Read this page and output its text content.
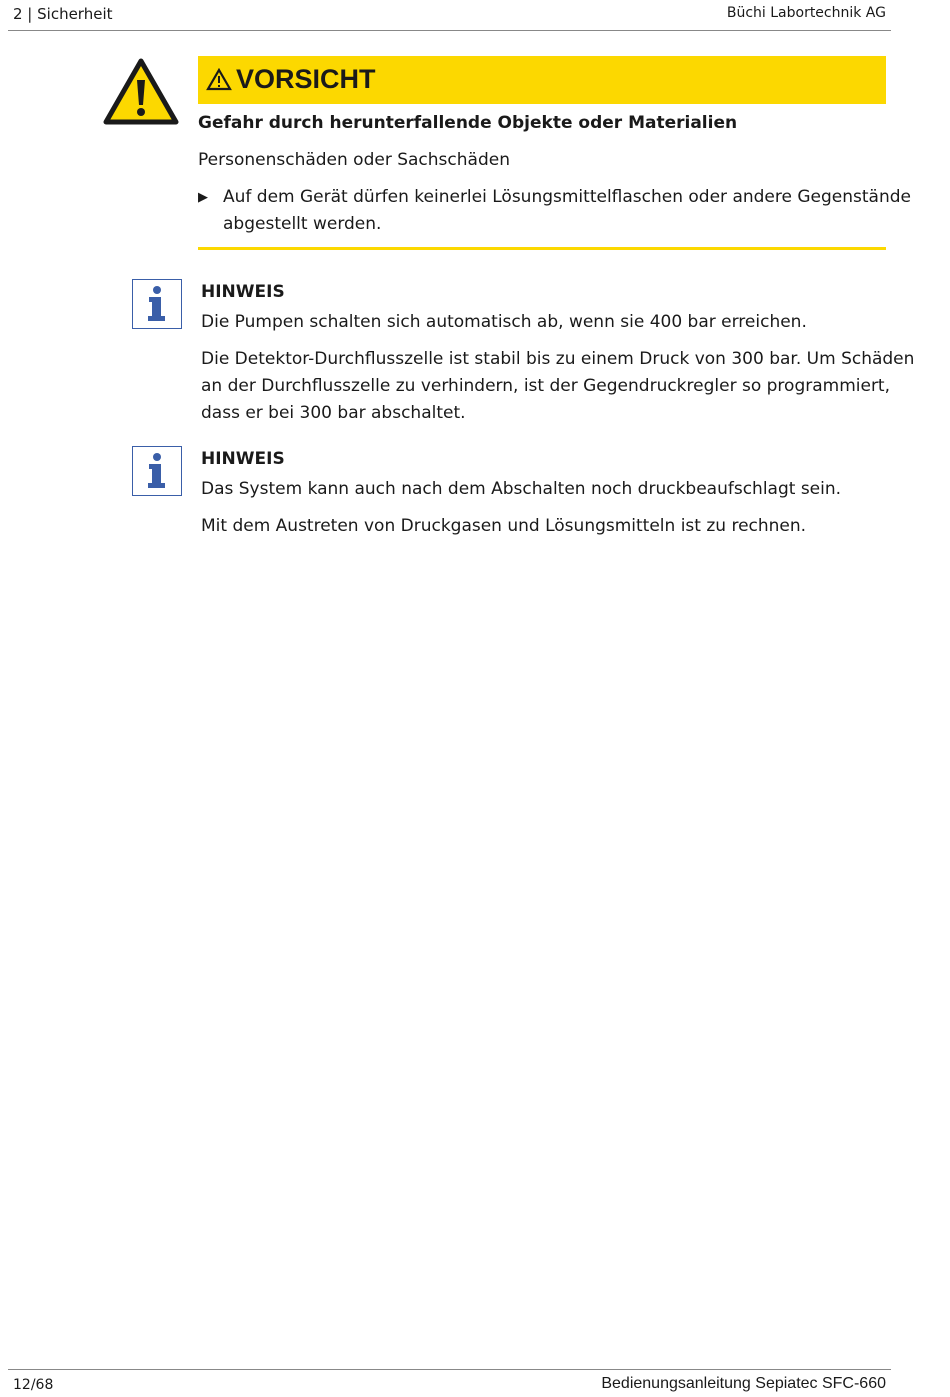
2 | Sicherheit	Büchi Labortechnik AG
VORSICHT
Gefahr durch herunterfallende Objekte oder Materialien
Personenschäden oder Sachschäden
▶ Auf dem Gerät dürfen keinerlei Lösungsmittelflaschen oder andere Gegenstände
abgestellt werden.
HINWEIS
Die Pumpen schalten sich automatisch ab, wenn sie 400 bar erreichen.
Die Detektor-Durchflusszelle ist stabil bis zu einem Druck von 300 bar. Um Schäden
an der Durchflusszelle zu verhindern, ist der Gegendruckregler so programmiert,
dass er bei 300 bar abschaltet.
HINWEIS
Das System kann auch nach dem Abschalten noch druckbeaufschlagt sein.
Mit dem Austreten von Druckgasen und Lösungsmitteln ist zu rechnen.
12/68	Bedienungsanleitung Sepiatec SFC-660
